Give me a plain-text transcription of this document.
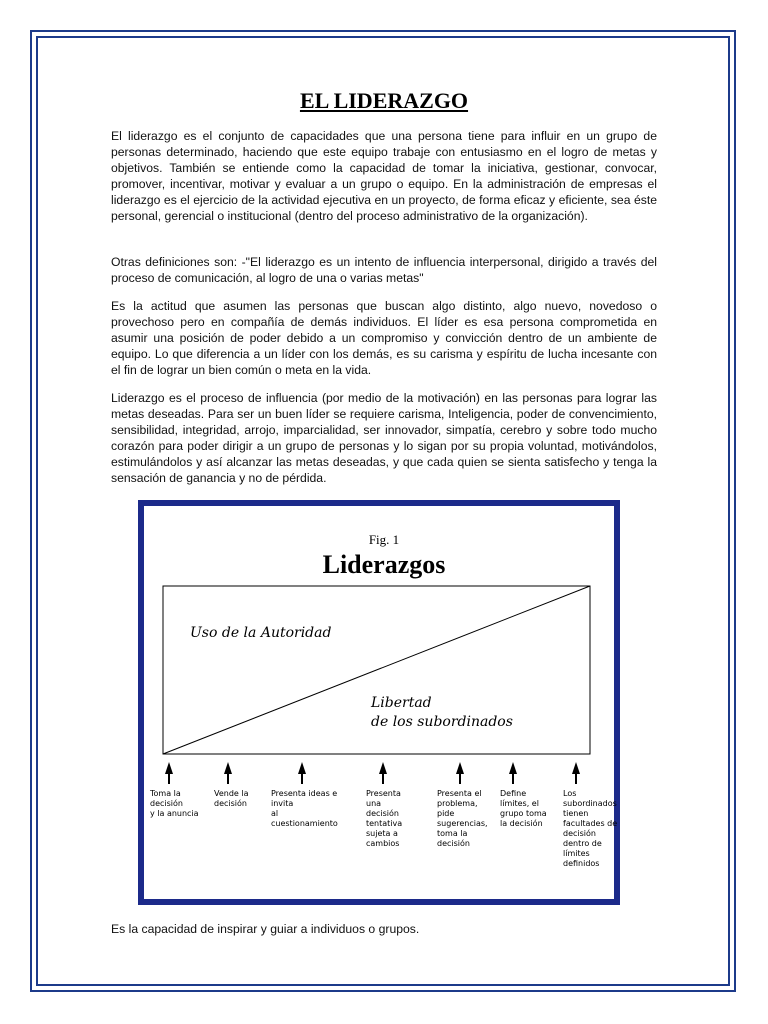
EL LIDERAZGO

El liderazgo es el conjunto de capacidades que una persona tiene para influir en un grupo de personas determinado, haciendo que este equipo trabaje con entusiasmo en el logro de metas y objetivos. También se entiende como la capacidad de tomar la iniciativa, gestionar, convocar, promover, incentivar, motivar y evaluar a un grupo o equipo. En la administración de empresas el liderazgo es el ejercicio de la actividad ejecutiva en un proyecto, de forma eficaz y eficiente, sea éste personal, gerencial o institucional (dentro del proceso administrativo de la organización).

Otras definiciones son: -"El liderazgo es un intento de influencia interpersonal, dirigido a través del proceso de comunicación, al logro de una o varias metas"

Es la actitud que asumen las personas que buscan algo distinto, algo nuevo, novedoso o provechoso pero en compañía de demás individuos. El líder es esa persona comprometida en asumir una posición de poder debido a un compromiso y convicción dentro de un ambiente de equipo. Lo que diferencia a un líder con los demás, es su carisma y espíritu de lucha incesante con el fin de lograr un bien común o meta en la vida.

Liderazgo es el proceso de influencia (por medio de la motivación) en las personas para lograr las metas deseadas. Para ser un buen líder se requiere carisma, Inteligencia, poder de convencimiento, sensibilidad, integridad, arrojo, imparcialidad, ser innovador, simpatía, cerebro y sobre todo mucho corazón para poder dirigir a un grupo de personas y lo sigan por su propia voluntad, motivándolos, estimulándolos y así alcanzar las metas deseadas, y que cada quien se sienta satisfecho y tenga la sensación de ganancia y no de pérdida.

Fig. 1
Liderazgos
Uso de la Autoridad
Libertad
de los subordinados
Toma la
decisión
y la anuncia
Vende la
decisión
Presenta ideas e
invita
al
cuestionamiento
Presenta
una
decisión
tentativa
sujeta a
cambios
Presenta el
problema,
pide
sugerencias,
toma la
decisión
Define
límites, el
grupo toma
la decisión
Los
subordinados
tienen
facultades de
decisión
dentro de
límites
definidos

Es la capacidad de inspirar y guiar a individuos o grupos.
